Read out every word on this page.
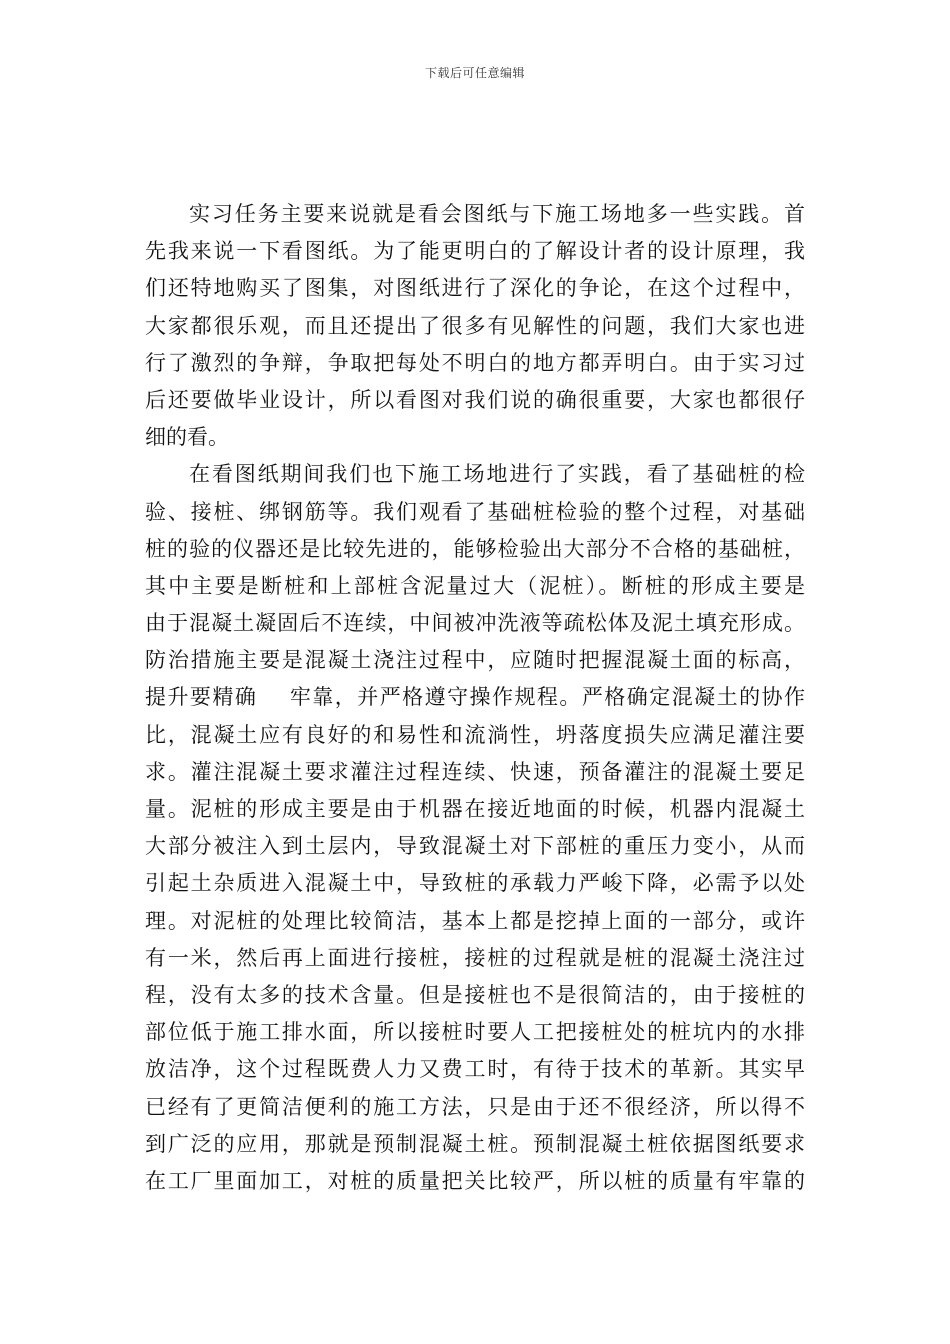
下载后可任意编辑
实习任务主要来说就是看会图纸与下施工场地多一些实践。首
先我来说一下看图纸。为了能更明白的了解设计者的设计原理，我
们还特地购买了图集，对图纸进行了深化的争论，在这个过程中，
大家都很乐观，而且还提出了很多有见解性的问题，我们大家也进
行了激烈的争辩，争取把每处不明白的地方都弄明白。由于实习过
后还要做毕业设计，所以看图对我们说的确很重要，大家也都很仔
细的看。
在看图纸期间我们也下施工场地进行了实践，看了基础桩的检
验、接桩、绑钢筋等。我们观看了基础桩检验的整个过程，对基础
桩的验的仪器还是比较先进的，能够检验出大部分不合格的基础桩，
其中主要是断桩和上部桩含泥量过大（泥桩）。断桩的形成主要是
由于混凝土凝固后不连续，中间被冲洗液等疏松体及泥土填充形成。
防治措施主要是混凝土浇注过程中，应随时把握混凝土面的标高，
提升要精确    牢靠，并严格遵守操作规程。严格确定混凝土的协作
比，混凝土应有良好的和易性和流淌性，坍落度损失应满足灌注要
求。灌注混凝土要求灌注过程连续、快速，预备灌注的混凝土要足
量。泥桩的形成主要是由于机器在接近地面的时候，机器内混凝土
大部分被注入到土层内，导致混凝土对下部桩的重压力变小，从而
引起土杂质进入混凝土中，导致桩的承载力严峻下降，必需予以处
理。对泥桩的处理比较简洁，基本上都是挖掉上面的一部分，或许
有一米，然后再上面进行接桩，接桩的过程就是桩的混凝土浇注过
程，没有太多的技术含量。但是接桩也不是很简洁的，由于接桩的
部位低于施工排水面，所以接桩时要人工把接桩处的桩坑内的水排
放洁净，这个过程既费人力又费工时，有待于技术的革新。其实早
已经有了更简洁便利的施工方法，只是由于还不很经济，所以得不
到广泛的应用，那就是预制混凝土桩。预制混凝土桩依据图纸要求
在工厂里面加工，对桩的质量把关比较严，所以桩的质量有牢靠的
